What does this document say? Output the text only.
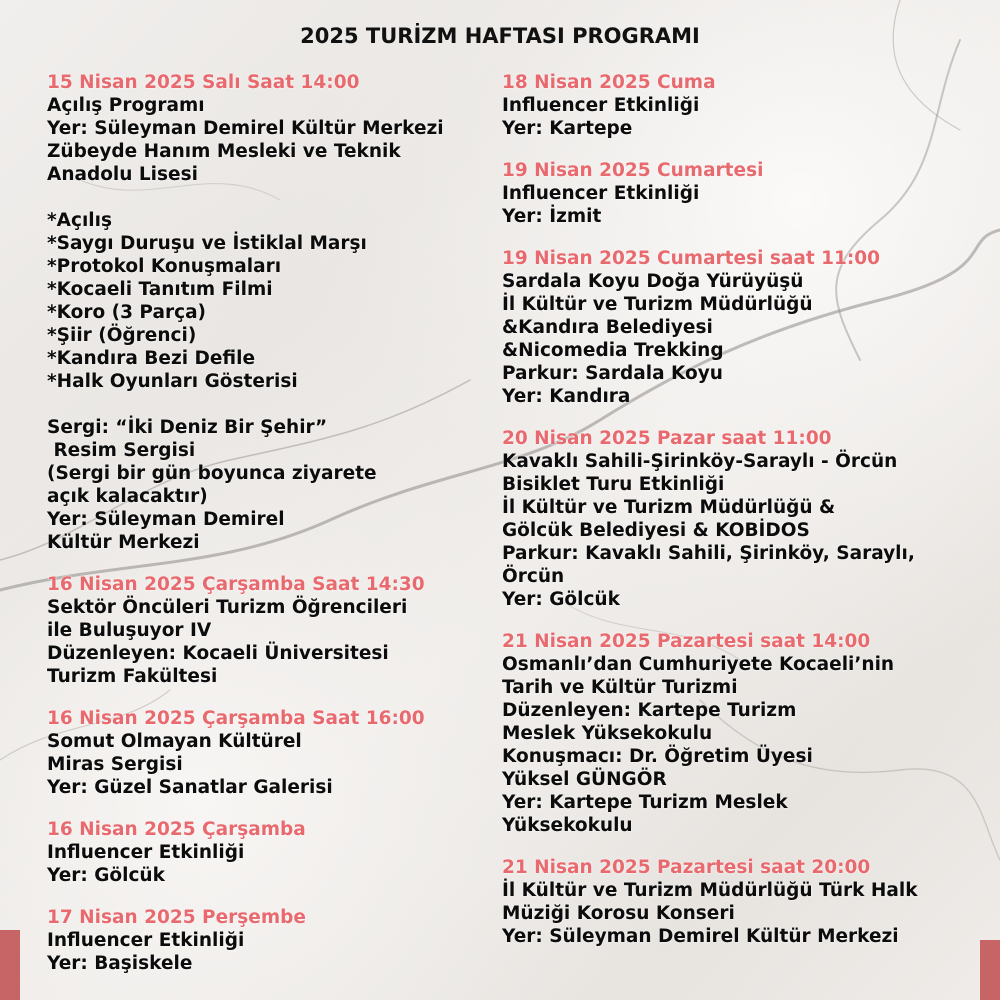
2025 TURİZM HAFTASI PROGRAMI
15 Nisan 2025 Salı Saat 14:00
Açılış Programı
Yer: Süleyman Demirel Kültür Merkezi
Zübeyde Hanım Mesleki ve Teknik
Anadolu Lisesi
*Açılış
*Saygı Duruşu ve İstiklal Marşı
*Protokol Konuşmaları
*Kocaeli Tanıtım Filmi
*Koro (3 Parça)
*Şiir (Öğrenci)
*Kandıra Bezi Defile
*Halk Oyunları Gösterisi
Sergi: “İki Deniz Bir Şehir”
Resim Sergisi
(Sergi bir gün boyunca ziyarete
açık kalacaktır)
Yer: Süleyman Demirel
Kültür Merkezi
16 Nisan 2025 Çarşamba Saat 14:30
Sektör Öncüleri Turizm Öğrencileri
ile Buluşuyor IV
Düzenleyen: Kocaeli Üniversitesi
Turizm Fakültesi
16 Nisan 2025 Çarşamba Saat 16:00
Somut Olmayan Kültürel
Miras Sergisi
Yer: Güzel Sanatlar Galerisi
16 Nisan 2025 Çarşamba
Influencer Etkinliği
Yer: Gölcük
17 Nisan 2025 Perşembe
Influencer Etkinliği
Yer: Başiskele
18 Nisan 2025 Cuma
Influencer Etkinliği
Yer: Kartepe
19 Nisan 2025 Cumartesi
Influencer Etkinliği
Yer: İzmit
19 Nisan 2025 Cumartesi saat 11:00
Sardala Koyu Doğa Yürüyüşü
İl Kültür ve Turizm Müdürlüğü
&Kandıra Belediyesi
&Nicomedia Trekking
Parkur: Sardala Koyu
Yer: Kandıra
20 Nisan 2025 Pazar saat 11:00
Kavaklı Sahili-Şirinköy-Saraylı - Örcün
Bisiklet Turu Etkinliği
İl Kültür ve Turizm Müdürlüğü &
Gölcük Belediyesi & KOBİDOS
Parkur: Kavaklı Sahili, Şirinköy, Saraylı,
Örcün
Yer: Gölcük
21 Nisan 2025 Pazartesi saat 14:00
Osmanlı’dan Cumhuriyete Kocaeli’nin
Tarih ve Kültür Turizmi
Düzenleyen: Kartepe Turizm
Meslek Yüksekokulu
Konuşmacı: Dr. Öğretim Üyesi
Yüksel GÜNGÖR
Yer: Kartepe Turizm Meslek
Yüksekokulu
21 Nisan 2025 Pazartesi saat 20:00
İl Kültür ve Turizm Müdürlüğü Türk Halk
Müziği Korosu Konseri
Yer: Süleyman Demirel Kültür Merkezi
